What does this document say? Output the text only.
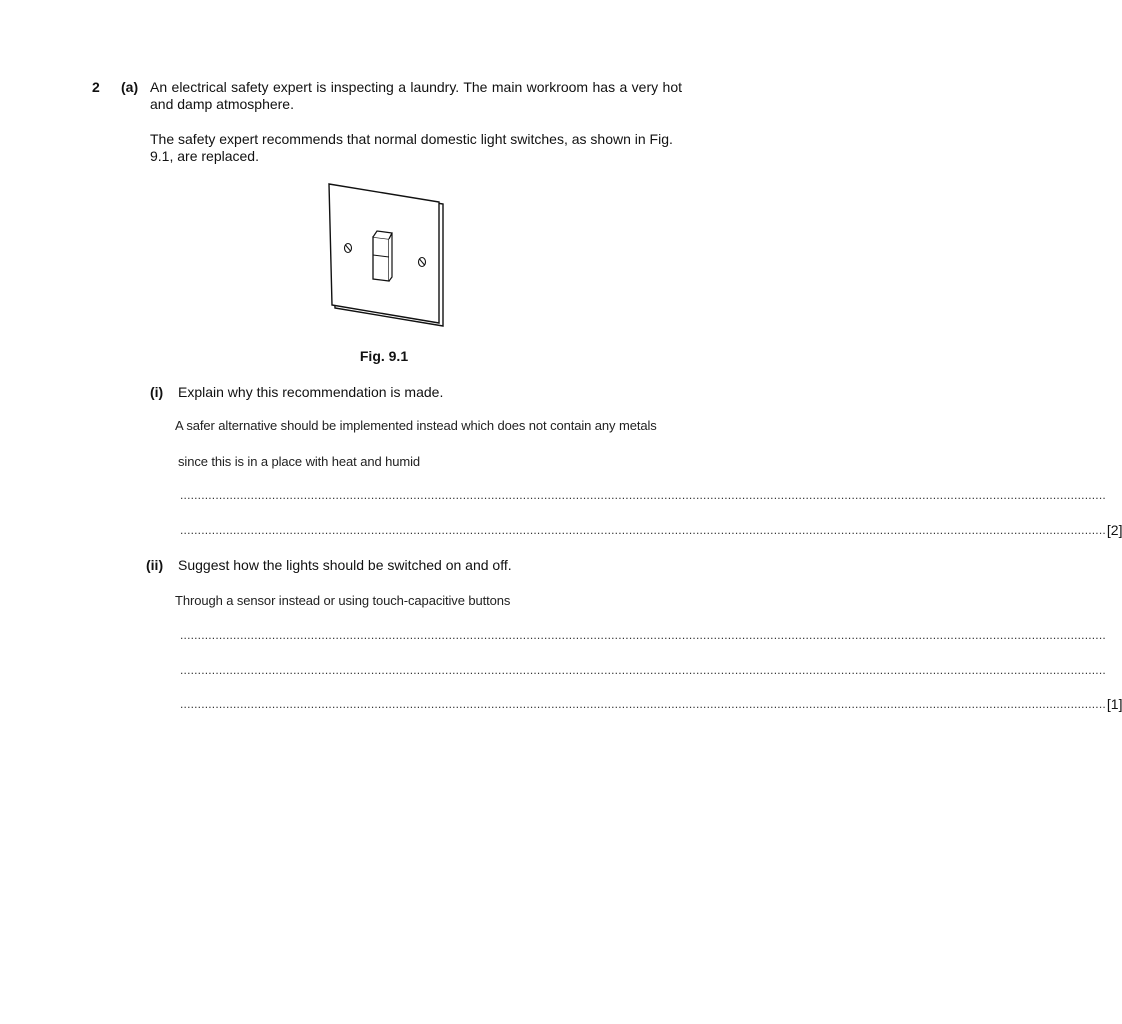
2 (a) An electrical safety expert is inspecting a laundry. The main workroom has a very hot and damp atmosphere.
The safety expert recommends that normal domestic light switches, as shown in Fig. 9.1, are replaced.
Fig. 9.1
(i) Explain why this recommendation is made.
A safer alternative should be implemented instead which does not contain any metals
since this is in a place with heat and humid
......................................................................................................................................................................................................................................................................
...................................................................................................................................................................................................................................................................... [2]
(ii) Suggest how the lights should be switched on and off.
Through a sensor instead or using touch-capacitive buttons
......................................................................................................................................................................................................................................................................
......................................................................................................................................................................................................................................................................
...................................................................................................................................................................................................................................................................... [1]
